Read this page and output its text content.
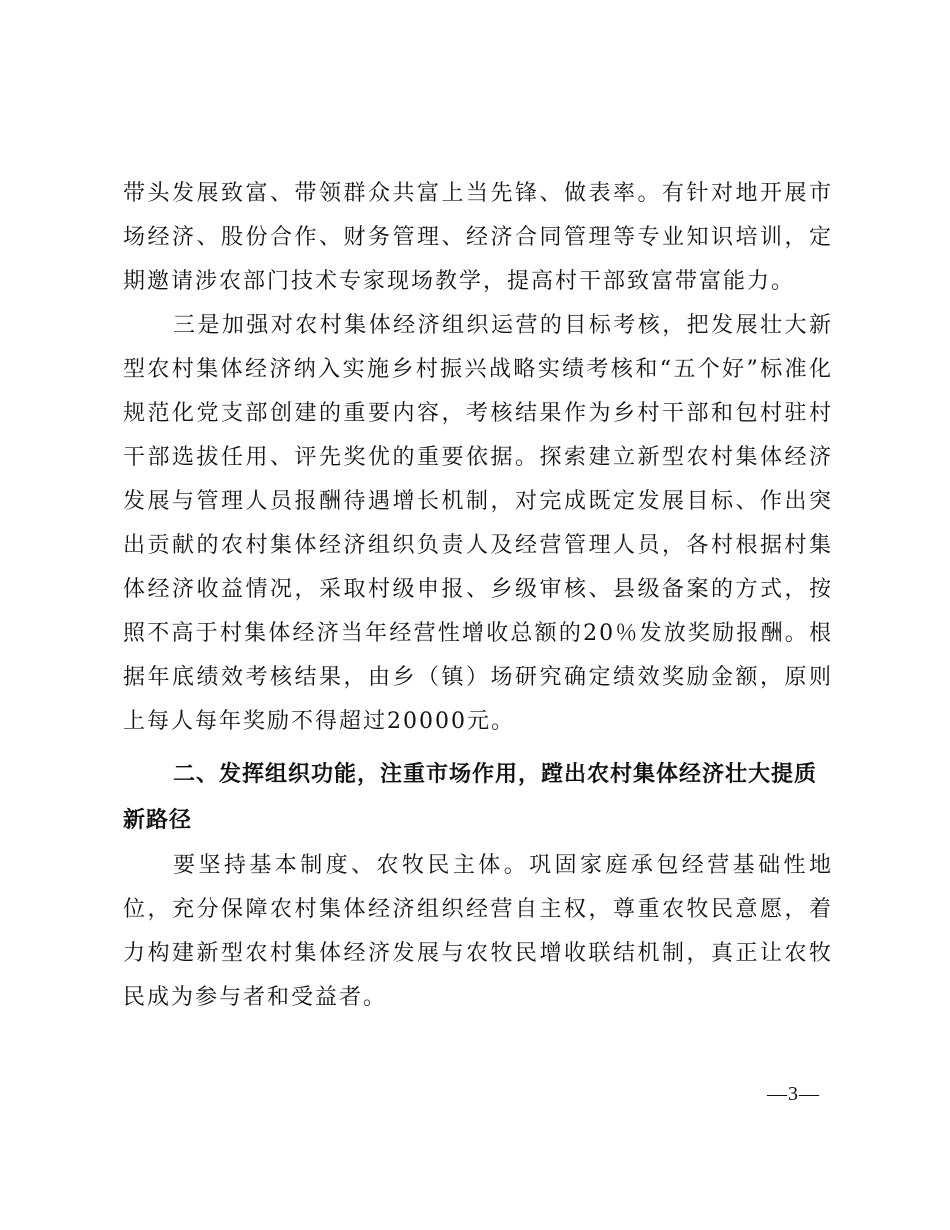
带头发展致富、带领群众共富上当先锋、做表率。有针对地开展市场经济、股份合作、财务管理、经济合同管理等专业知识培训，定期邀请涉农部门技术专家现场教学，提高村干部致富带富能力。

三是加强对农村集体经济组织运营的目标考核，把发展壮大新型农村集体经济纳入实施乡村振兴战略实绩考核和“五个好”标准化规范化党支部创建的重要内容，考核结果作为乡村干部和包村驻村干部选拔任用、评先奖优的重要依据。探索建立新型农村集体经济发展与管理人员报酬待遇增长机制，对完成既定发展目标、作出突出贡献的农村集体经济组织负责人及经营管理人员，各村根据村集体经济收益情况，采取村级申报、乡级审核、县级备案的方式，按照不高于村集体经济当年经营性增收总额的20％发放奖励报酬。根据年底绩效考核结果，由乡（镇）场研究确定绩效奖励金额，原则上每人每年奖励不得超过20000元。

二、发挥组织功能，注重市场作用，蹚出农村集体经济壮大提质新路径

要坚持基本制度、农牧民主体。巩固家庭承包经营基础性地位，充分保障农村集体经济组织经营自主权，尊重农牧民意愿，着力构建新型农村集体经济发展与农牧民增收联结机制，真正让农牧民成为参与者和受益者。

—3—
